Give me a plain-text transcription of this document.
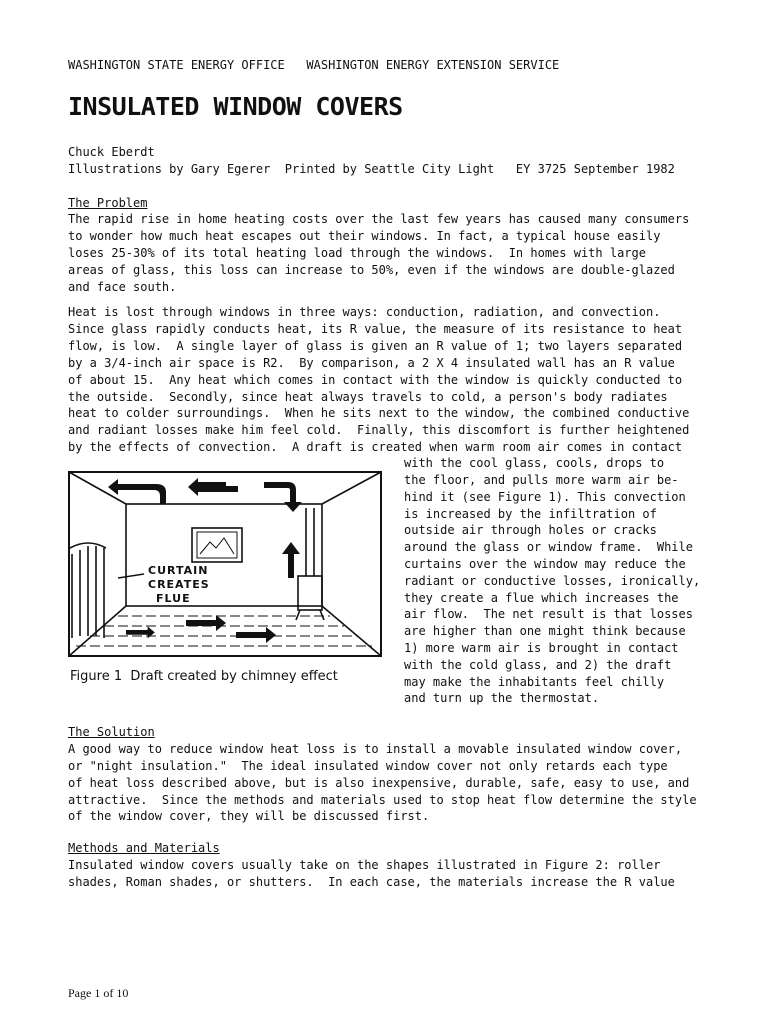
WASHINGTON STATE ENERGY OFFICE   WASHINGTON ENERGY EXTENSION SERVICE
INSULATED WINDOW COVERS
Chuck Eberdt
Illustrations by Gary Egerer  Printed by Seattle City Light   EY 3725 September 1982
The Problem
The rapid rise in home heating costs over the last few years has caused many consumers
to wonder how much heat escapes out their windows. In fact, a typical house easily
loses 25-30% of its total heating load through the windows.  In homes with large
areas of glass, this loss can increase to 50%, even if the windows are double-glazed
and face south.
Heat is lost through windows in three ways: conduction, radiation, and convection.
Since glass rapidly conducts heat, its R value, the measure of its resistance to heat
flow, is low.  A single layer of glass is given an R value of 1; two layers separated
by a 3/4-inch air space is R2.  By comparison, a 2 X 4 insulated wall has an R value
of about 15.  Any heat which comes in contact with the window is quickly conducted to
the outside.  Secondly, since heat always travels to cold, a person's body radiates
heat to colder surroundings.  When he sits next to the window, the combined conductive
and radiant losses make him feel cold.  Finally, this discomfort is further heightened
by the effects of convection.  A draft is created when warm room air comes in contact
with the cool glass, cools, drops to
the floor, and pulls more warm air be-
hind it (see Figure 1). This convection
is increased by the infiltration of
outside air through holes or cracks
around the glass or window frame.  While
curtains over the window may reduce the
radiant or conductive losses, ironically,
they create a flue which increases the
air flow.  The net result is that losses
are higher than one might think because
1) more warm air is brought in contact
with the cold glass, and 2) the draft
may make the inhabitants feel chilly
and turn up the thermostat.
CURTAIN
CREATES
FLUE
Figure 1  Draft created by chimney effect
The Solution
A good way to reduce window heat loss is to install a movable insulated window cover,
or "night insulation."  The ideal insulated window cover not only retards each type
of heat loss described above, but is also inexpensive, durable, safe, easy to use, and
attractive.  Since the methods and materials used to stop heat flow determine the style
of the window cover, they will be discussed first.
Methods and Materials
Insulated window covers usually take on the shapes illustrated in Figure 2: roller
shades, Roman shades, or shutters.  In each case, the materials increase the R value
Page 1 of 10
